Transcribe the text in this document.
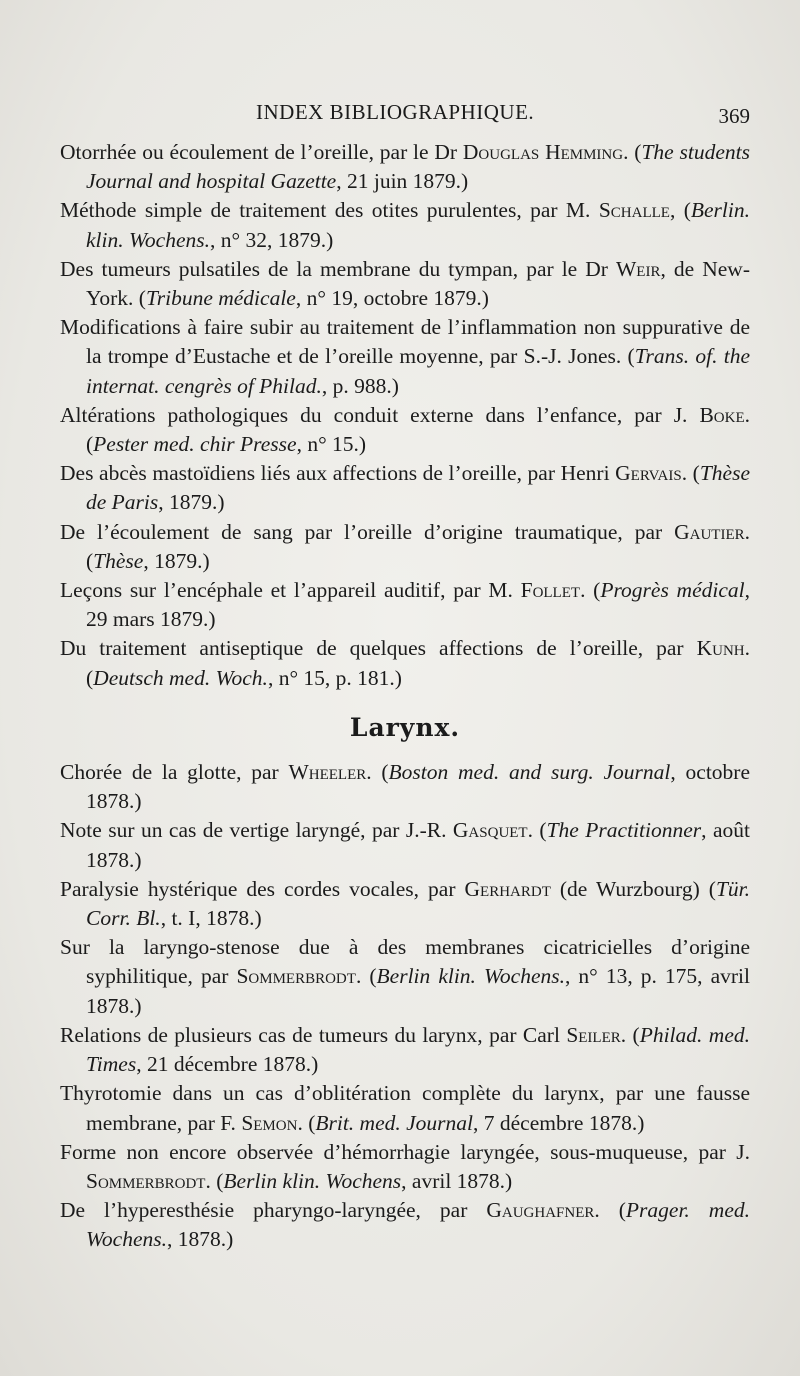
INDEX BIBLIOGRAPHIQUE.	369

Otorrhée ou écoulement de l’oreille, par le Dr Douglas Hemming. (The students Journal and hospital Gazette, 21 juin 1879.)

Méthode simple de traitement des otites purulentes, par M. Schalle, (Berlin. klin. Wochens., n° 32, 1879.)

Des tumeurs pulsatiles de la membrane du tympan, par le Dr Weir, de New-York. (Tribune médicale, n° 19, octobre 1879.)

Modifications à faire subir au traitement de l’inflammation non suppurative de la trompe d’Eustache et de l’oreille moyenne, par S.-J. Jones. (Trans. of. the internat. cengrès of Philad., p. 988.)

Altérations pathologiques du conduit externe dans l’enfance, par J. Boke. (Pester med. chir Presse, n° 15.)

Des abcès mastoïdiens liés aux affections de l’oreille, par Henri Gervais. (Thèse de Paris, 1879.)

De l’écoulement de sang par l’oreille d’origine traumatique, par Gautier. (Thèse, 1879.)

Leçons sur l’encéphale et l’appareil auditif, par M. Follet. (Progrès médical, 29 mars 1879.)

Du traitement antiseptique de quelques affections de l’oreille, par Kunh. (Deutsch med. Woch., n° 15, p. 181.)

Larynx.

Chorée de la glotte, par Wheeler. (Boston med. and surg. Journal, octobre 1878.)

Note sur un cas de vertige laryngé, par J.-R. Gasquet. (The Practitionner, août 1878.)

Paralysie hystérique des cordes vocales, par Gerhardt (de Wurzbourg) (Tür. Corr. Bl., t. I, 1878.)

Sur la laryngo-stenose due à des membranes cicatricielles d’origine syphilitique, par Sommerbrodt. (Berlin klin. Wochens., n° 13, p. 175, avril 1878.)

Relations de plusieurs cas de tumeurs du larynx, par Carl Seiler. (Philad. med. Times, 21 décembre 1878.)

Thyrotomie dans un cas d’oblitération complète du larynx, par une fausse membrane, par F. Semon. (Brit. med. Journal, 7 décembre 1878.)

Forme non encore observée d’hémorrhagie laryngée, sous-muqueuse, par J. Sommerbrodt. (Berlin klin. Wochens, avril 1878.)

De l’hyperesthésie pharyngo-laryngée, par Gaughafner. (Prager. med. Wochens., 1878.)
